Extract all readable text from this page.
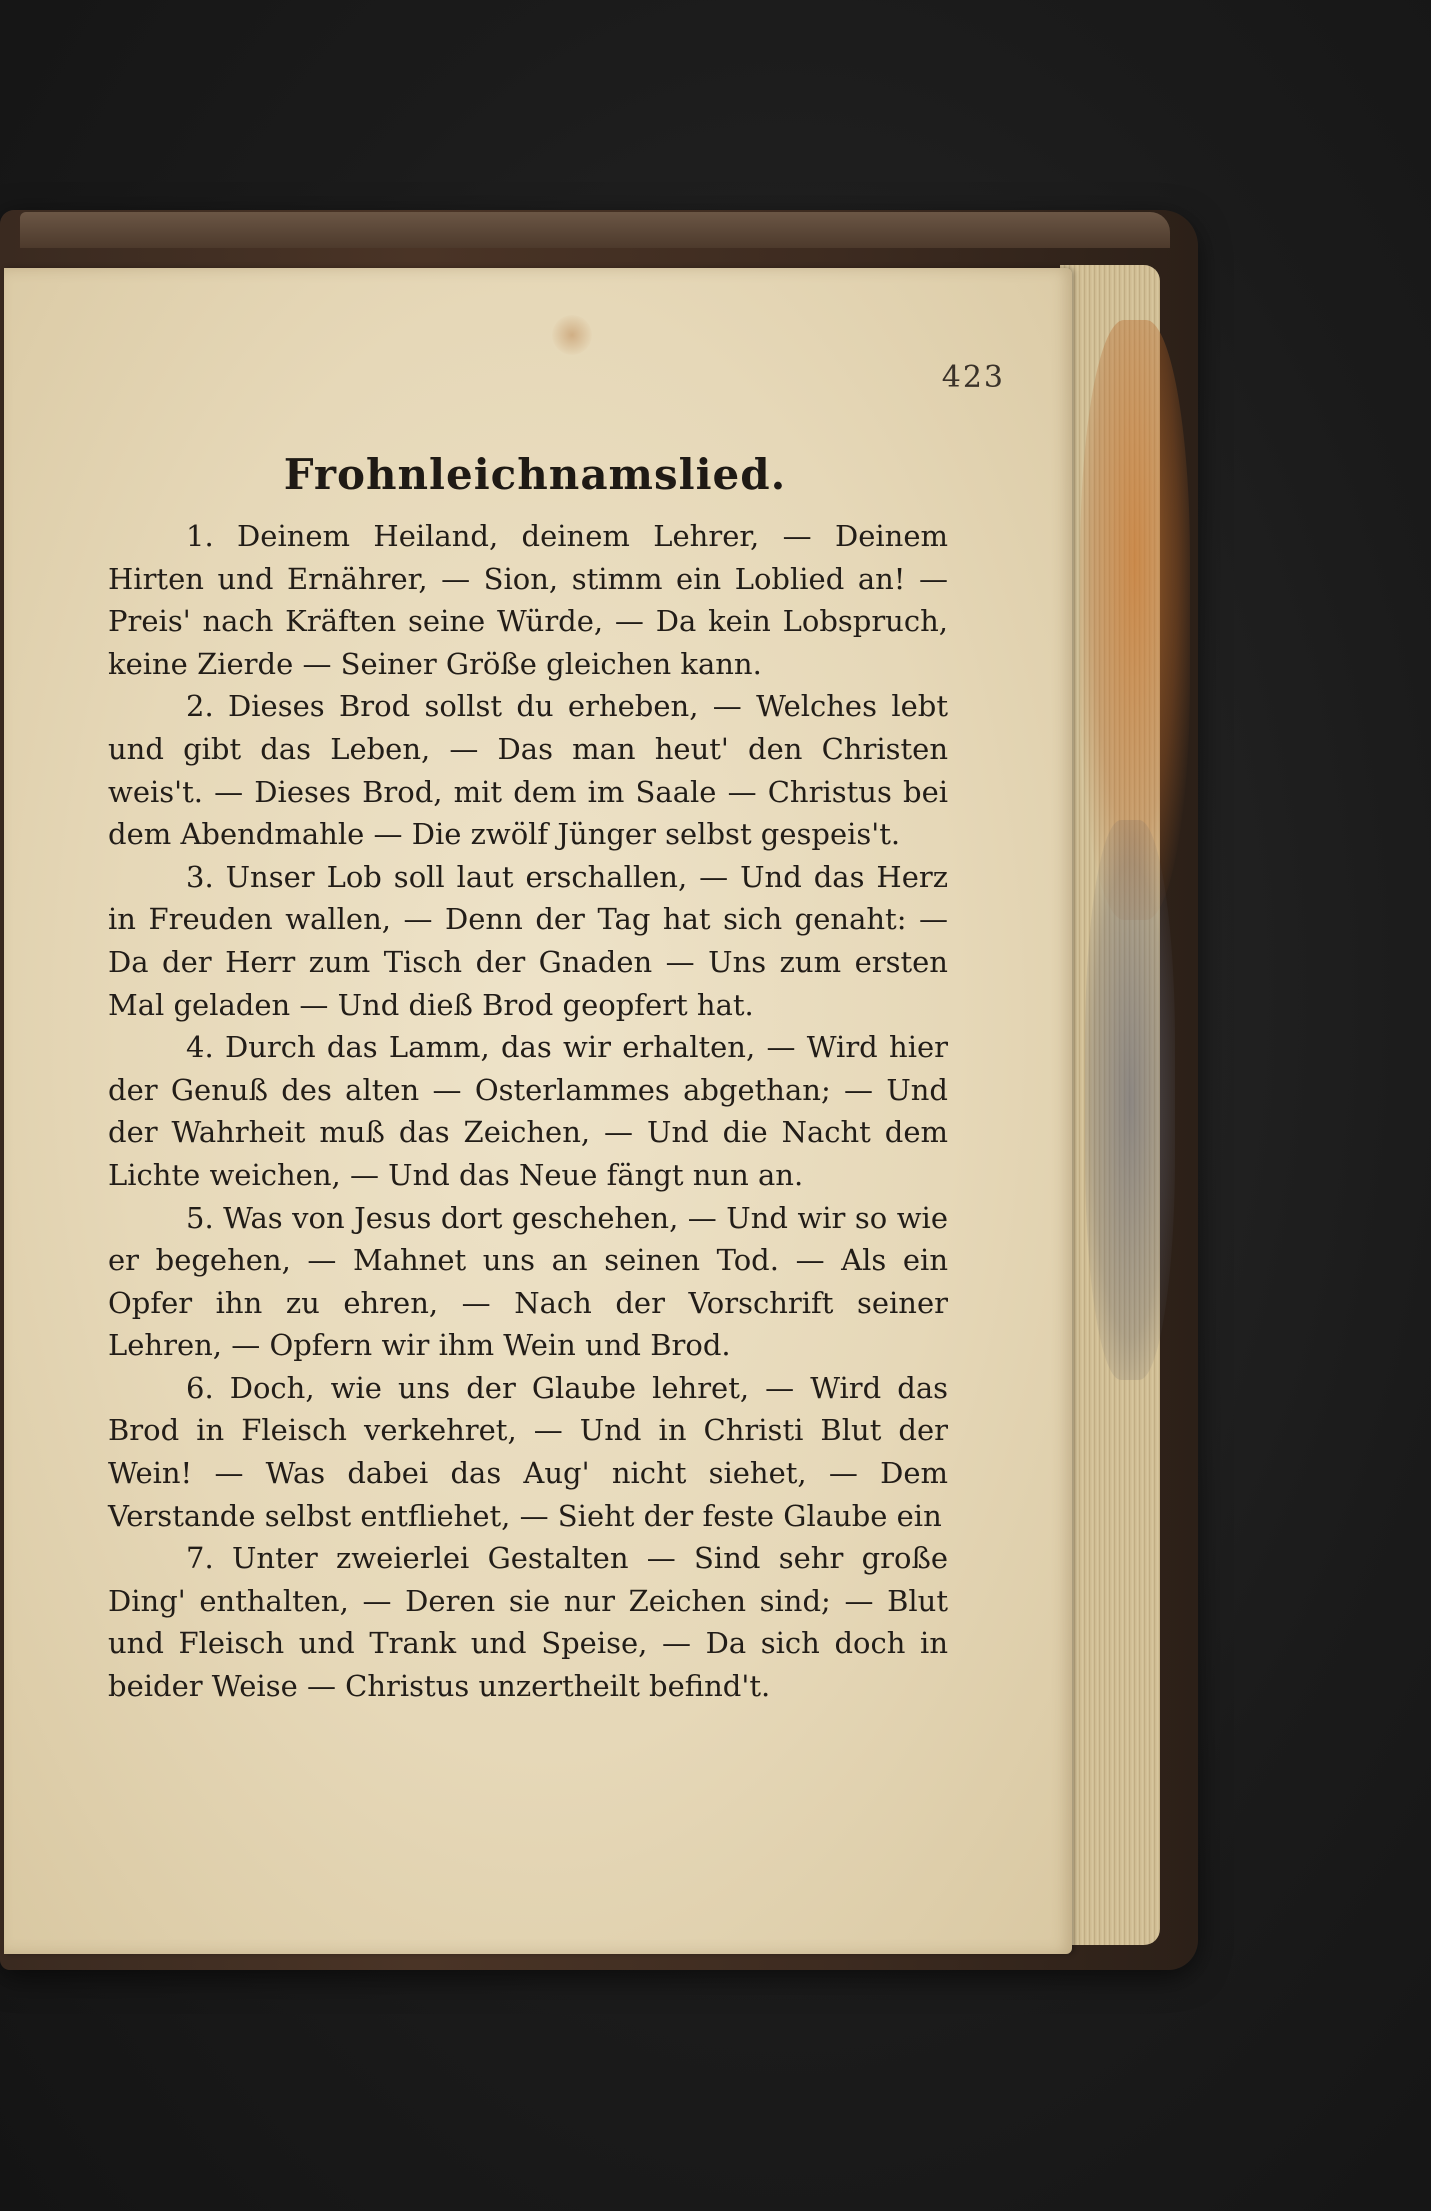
423
Frohnleichnamslied.

1. Deinem Heiland, deinem Lehrer, — Deinem Hirten und Ernährer, — Sion, stimm ein Loblied an! — Preis' nach Kräften seine Würde, — Da kein Lobspruch, keine Zierde — Seiner Größe gleichen kann.

2. Dieses Brod sollst du erheben, — Welches lebt und gibt das Leben, — Das man heut' den Christen weis't. — Dieses Brod, mit dem im Saale — Christus bei dem Abendmahle — Die zwölf Jünger selbst gespeis't.

3. Unser Lob soll laut erschallen, — Und das Herz in Freuden wallen, — Denn der Tag hat sich genaht: — Da der Herr zum Tisch der Gnaden — Uns zum ersten Mal geladen — Und dieß Brod geopfert hat.

4. Durch das Lamm, das wir erhalten, — Wird hier der Genuß des alten — Osterlammes abgethan; — Und der Wahrheit muß das Zeichen, — Und die Nacht dem Lichte weichen, — Und das Neue fängt nun an.

5. Was von Jesus dort geschehen, — Und wir so wie er begehen, — Mahnet uns an seinen Tod. — Als ein Opfer ihn zu ehren, — Nach der Vorschrift seiner Lehren, — Opfern wir ihm Wein und Brod.

6. Doch, wie uns der Glaube lehret, — Wird das Brod in Fleisch verkehret, — Und in Christi Blut der Wein! — Was dabei das Aug' nicht siehet, — Dem Verstande selbst entfliehet, — Sieht der feste Glaube ein

7. Unter zweierlei Gestalten — Sind sehr große Ding' enthalten, — Deren sie nur Zeichen sind; — Blut und Fleisch und Trank und Speise, — Da sich doch in beider Weise — Christus unzertheilt befind't.
